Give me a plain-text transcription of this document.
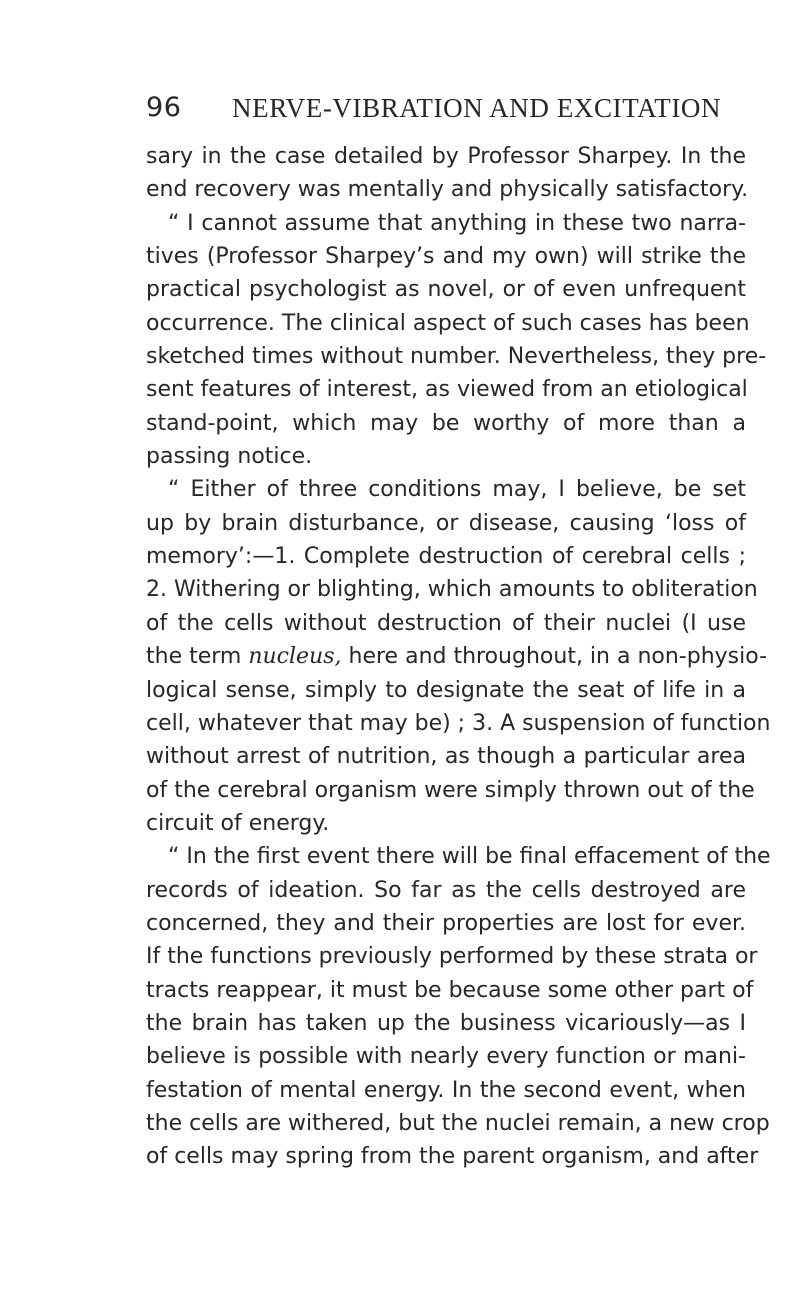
96 NERVE-VIBRATION AND EXCITATION
sary in the case detailed by Professor Sharpey. In the
end recovery was mentally and physically satisfactory.
“ I cannot assume that anything in these two narra-
tives (Professor Sharpey’s and my own) will strike the
practical psychologist as novel, or of even unfrequent
occurrence. The clinical aspect of such cases has been
sketched times without number. Nevertheless, they pre-
sent features of interest, as viewed from an etiological
stand-point, which may be worthy of more than a
passing notice.
“ Either of three conditions may, I believe, be set
up by brain disturbance, or disease, causing ‘loss of
memory’:—1. Complete destruction of cerebral cells ;
2. Withering or blighting, which amounts to obliteration
of the cells without destruction of their nuclei (I use
the term nucleus, here and throughout, in a non-physio-
logical sense, simply to designate the seat of life in a
cell, whatever that may be) ; 3. A suspension of function
without arrest of nutrition, as though a particular area
of the cerebral organism were simply thrown out of the
circuit of energy.
“ In the first event there will be final effacement of the
records of ideation. So far as the cells destroyed are
concerned, they and their properties are lost for ever.
If the functions previously performed by these strata or
tracts reappear, it must be because some other part of
the brain has taken up the business vicariously—as I
believe is possible with nearly every function or mani-
festation of mental energy. In the second event, when
the cells are withered, but the nuclei remain, a new crop
of cells may spring from the parent organism, and after
